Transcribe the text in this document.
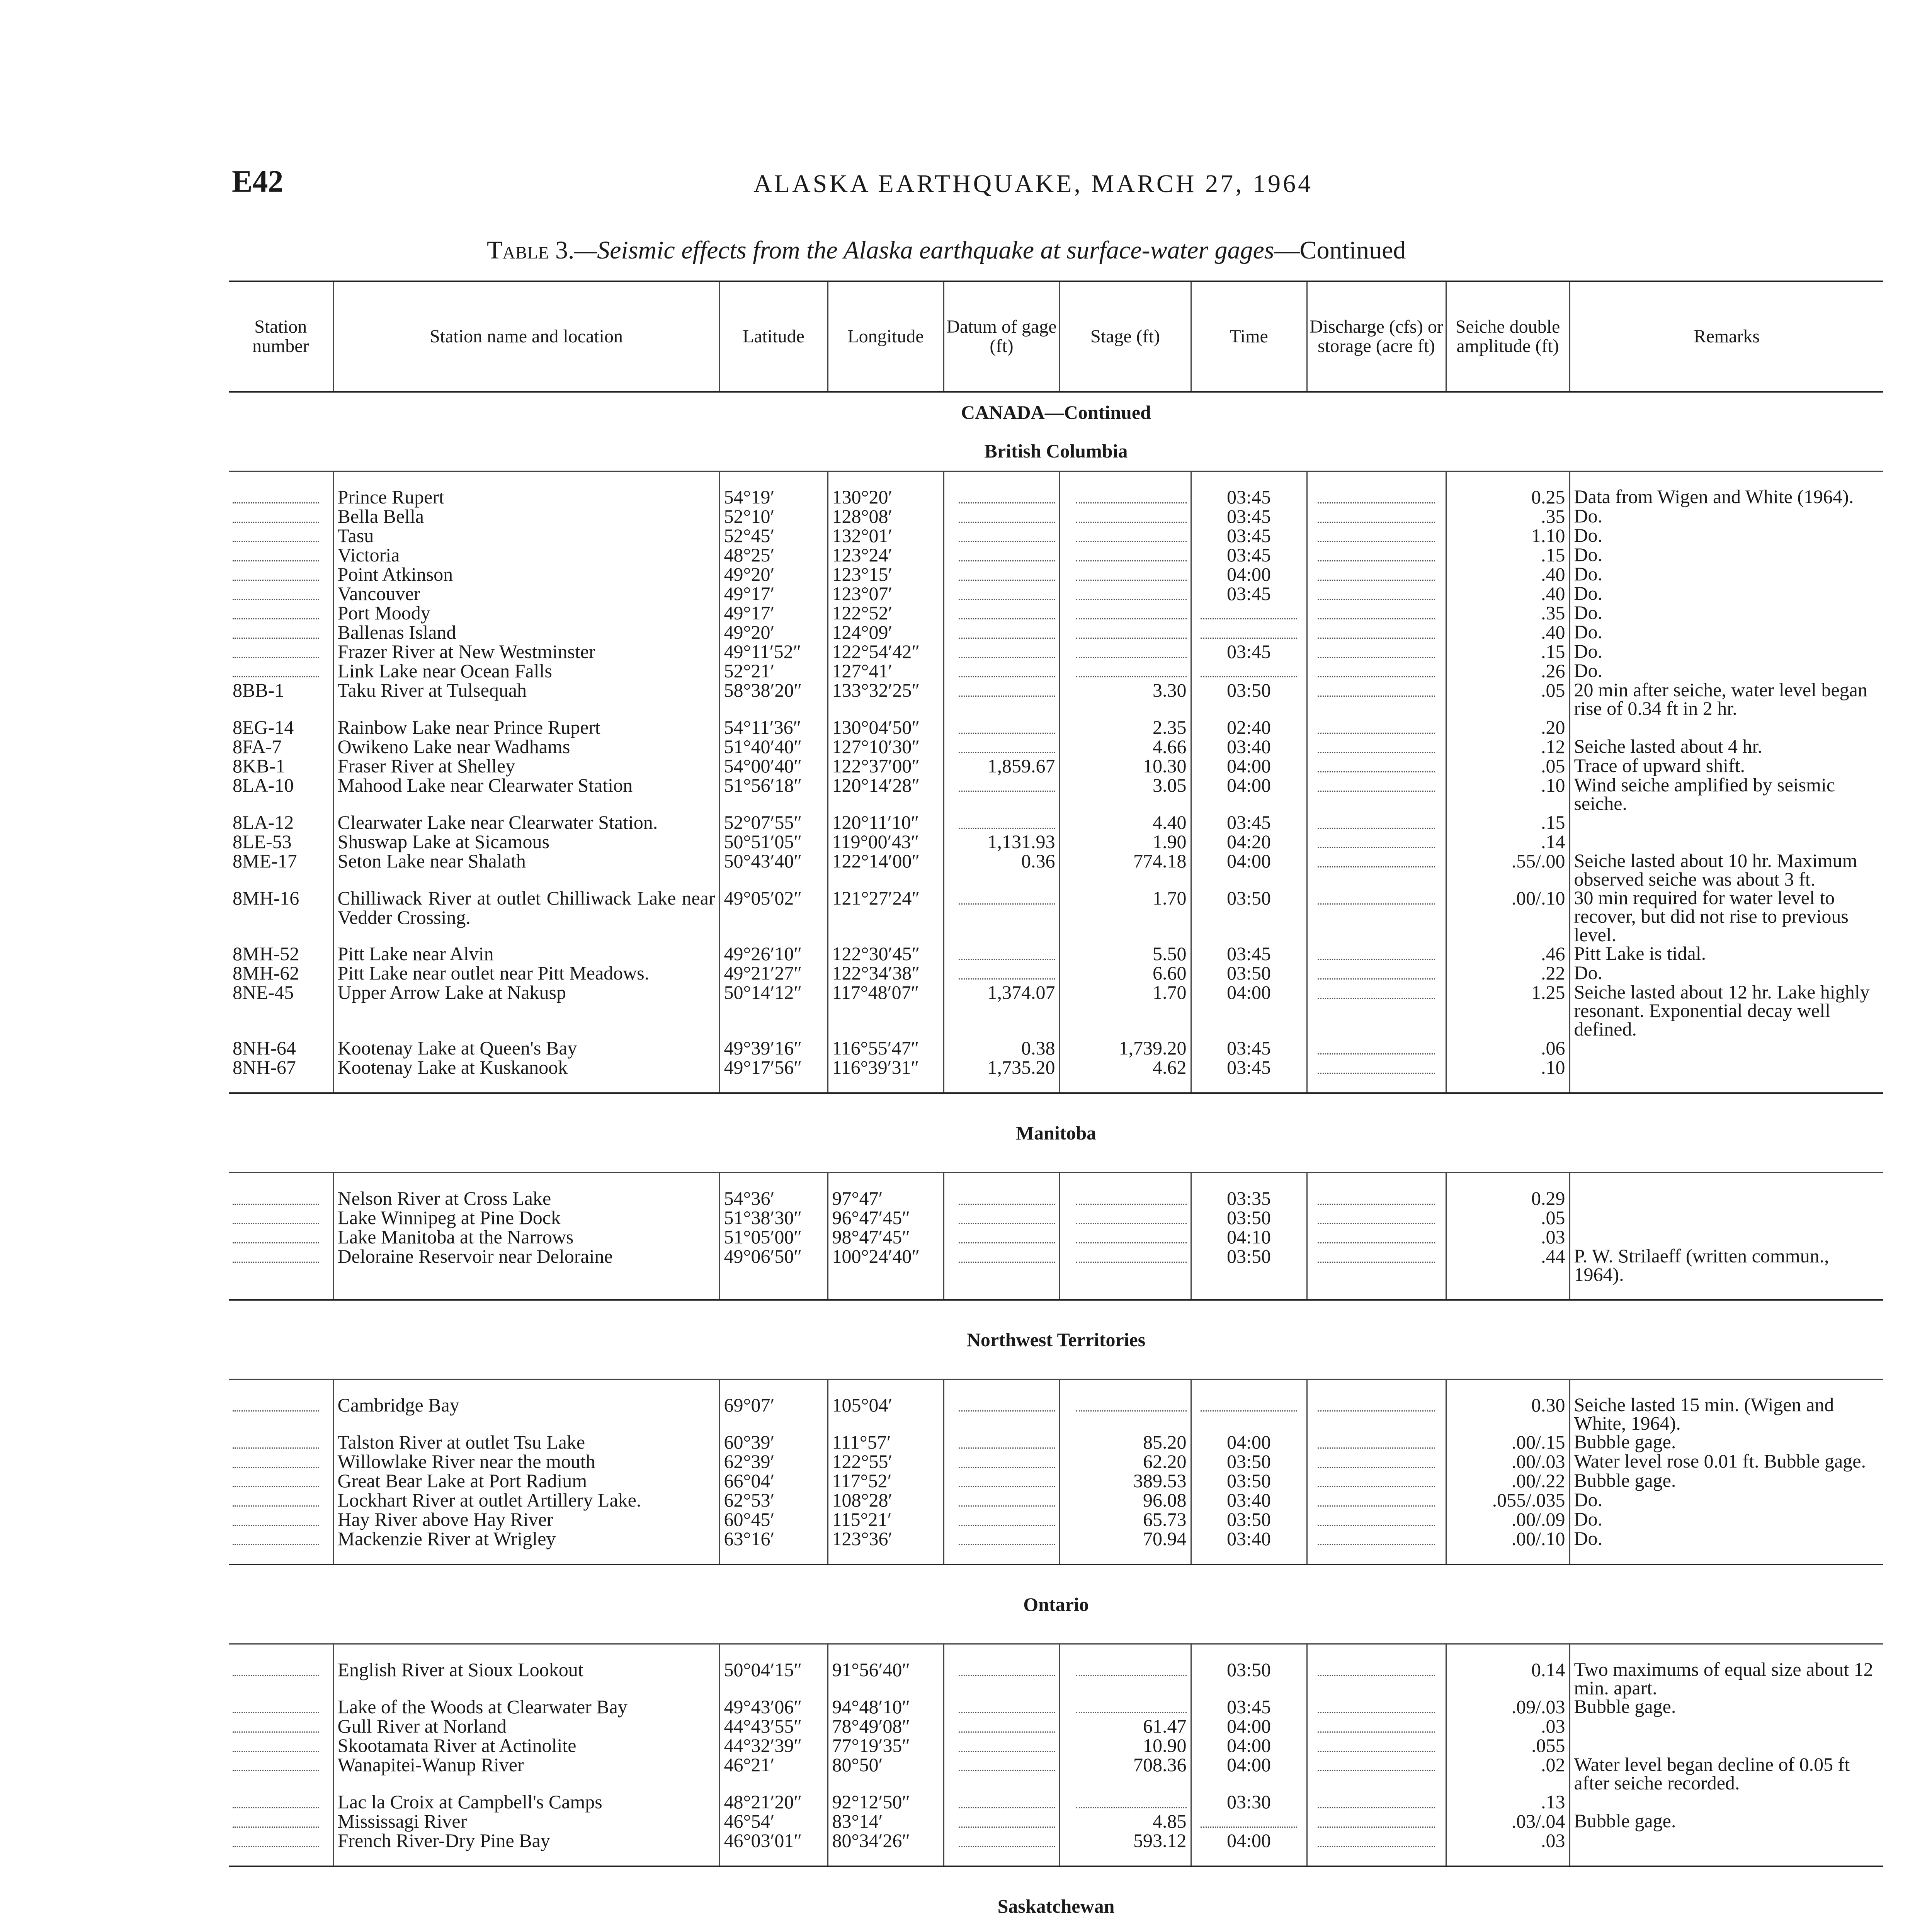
E42	ALASKA EARTHQUAKE, MARCH 27, 1964
Table 3.—Seismic effects from the Alaska earthquake at surface-water gages—Continued
Station number	Station name and location	Latitude	Longitude	Datum of gage (ft)	Stage (ft)	Time	Discharge (cfs) or storage (acre ft)	Seiche double amplitude (ft)	Remarks

CANADA—Continued
British Columbia									

	Prince Rupert	54°19′	130°20′			03:45		0.25	Data from Wigen and White (1964).
	Bella Bella	52°10′	128°08′			03:45		.35	Do.
	Tasu	52°45′	132°01′			03:45		1.10	Do.
	Victoria	48°25′	123°24′			03:45		.15	Do.
	Point Atkinson	49°20′	123°15′			04:00		.40	Do.
	Vancouver	49°17′	123°07′			03:45		.40	Do.
	Port Moody	49°17′	122°52′					.35	Do.
	Ballenas Island	49°20′	124°09′					.40	Do.
	Frazer River at New Westminster	49°11′52″	122°54′42″			03:45		.15	Do.
	Link Lake near Ocean Falls	52°21′	127°41′					.26	Do.
8BB-1	Taku River at Tulsequah	58°38′20″	133°32′25″		3.30	03:50		.05	20 min after seiche, water level began rise of 0.34 ft in 2 hr.
8EG-14	Rainbow Lake near Prince Rupert	54°11′36″	130°04′50″		2.35	02:40		.20	
8FA-7	Owikeno Lake near Wadhams	51°40′40″	127°10′30″		4.66	03:40		.12	Seiche lasted about 4 hr.
8KB-1	Fraser River at Shelley	54°00′40″	122°37′00″	1,859.67	10.30	04:00		.05	Trace of upward shift.
8LA-10	Mahood Lake near Clearwater Station	51°56′18″	120°14′28″		3.05	04:00		.10	Wind seiche amplified by seismic seiche.
8LA-12	Clearwater Lake near Clearwater Station.	52°07′55″	120°11′10″		4.40	03:45		.15	
8LE-53	Shuswap Lake at Sicamous	50°51′05″	119°00′43″	1,131.93	1.90	04:20		.14	
8ME-17	Seton Lake near Shalath	50°43′40″	122°14′00″	0.36	774.18	04:00		.55/.00	Seiche lasted about 10 hr. Maximum observed seiche was about 3 ft.
8MH-16	Chilliwack River at outlet Chilliwack Lake near Vedder Crossing.	49°05′02″	121°27′24″		1.70	03:50		.00/.10	30 min required for water level to recover, but did not rise to previous level.
8MH-52	Pitt Lake near Alvin	49°26′10″	122°30′45″		5.50	03:45		.46	Pitt Lake is tidal.
8MH-62	Pitt Lake near outlet near Pitt Meadows.	49°21′27″	122°34′38″		6.60	03:50		.22	Do.
8NE-45	Upper Arrow Lake at Nakusp	50°14′12″	117°48′07″	1,374.07	1.70	04:00		1.25	Seiche lasted about 12 hr. Lake highly resonant. Exponential decay well defined.
8NH-64	Kootenay Lake at Queen's Bay	49°39′16″	116°55′47″	0.38	1,739.20	03:45		.06	
8NH-67	Kootenay Lake at Kuskanook	49°17′56″	116°39′31″	1,735.20	4.62	03:45		.10	

Manitoba									

	Nelson River at Cross Lake	54°36′	97°47′			03:35		0.29	
	Lake Winnipeg at Pine Dock	51°38′30″	96°47′45″			03:50		.05	
	Lake Manitoba at the Narrows	51°05′00″	98°47′45″			04:10		.03	
	Deloraine Reservoir near Deloraine	49°06′50″	100°24′40″			03:50		.44	P. W. Strilaeff (written commun., 1964).

Northwest Territories									

	Cambridge Bay	69°07′	105°04′					0.30	Seiche lasted 15 min. (Wigen and White, 1964).
	Talston River at outlet Tsu Lake	60°39′	111°57′		85.20	04:00		.00/.15	Bubble gage.
	Willowlake River near the mouth	62°39′	122°55′		62.20	03:50		.00/.03	Water level rose 0.01 ft. Bubble gage.
	Great Bear Lake at Port Radium	66°04′	117°52′		389.53	03:50		.00/.22	Bubble gage.
	Lockhart River at outlet Artillery Lake.	62°53′	108°28′		96.08	03:40		.055/.035	Do.
	Hay River above Hay River	60°45′	115°21′		65.73	03:50		.00/.09	Do.
	Mackenzie River at Wrigley	63°16′	123°36′		70.94	03:40		.00/.10	Do.

Ontario									

	English River at Sioux Lookout	50°04′15″	91°56′40″			03:50		0.14	Two maximums of equal size about 12 min. apart.
	Lake of the Woods at Clearwater Bay	49°43′06″	94°48′10″			03:45		.09/.03	Bubble gage.
	Gull River at Norland	44°43′55″	78°49′08″		61.47	04:00		.03	
	Skootamata River at Actinolite	44°32′39″	77°19′35″		10.90	04:00		.055	
	Wanapitei-Wanup River	46°21′	80°50′		708.36	04:00		.02	Water level began decline of 0.05 ft after seiche recorded.
	Lac la Croix at Campbell's Camps	48°21′20″	92°12′50″			03:30		.13	
	Mississagi River	46°54′	83°14′		4.85			.03/.04	Bubble gage.
	French River-Dry Pine Bay	46°03′01″	80°34′26″		593.12	04:00		.03	

Saskatchewan									
